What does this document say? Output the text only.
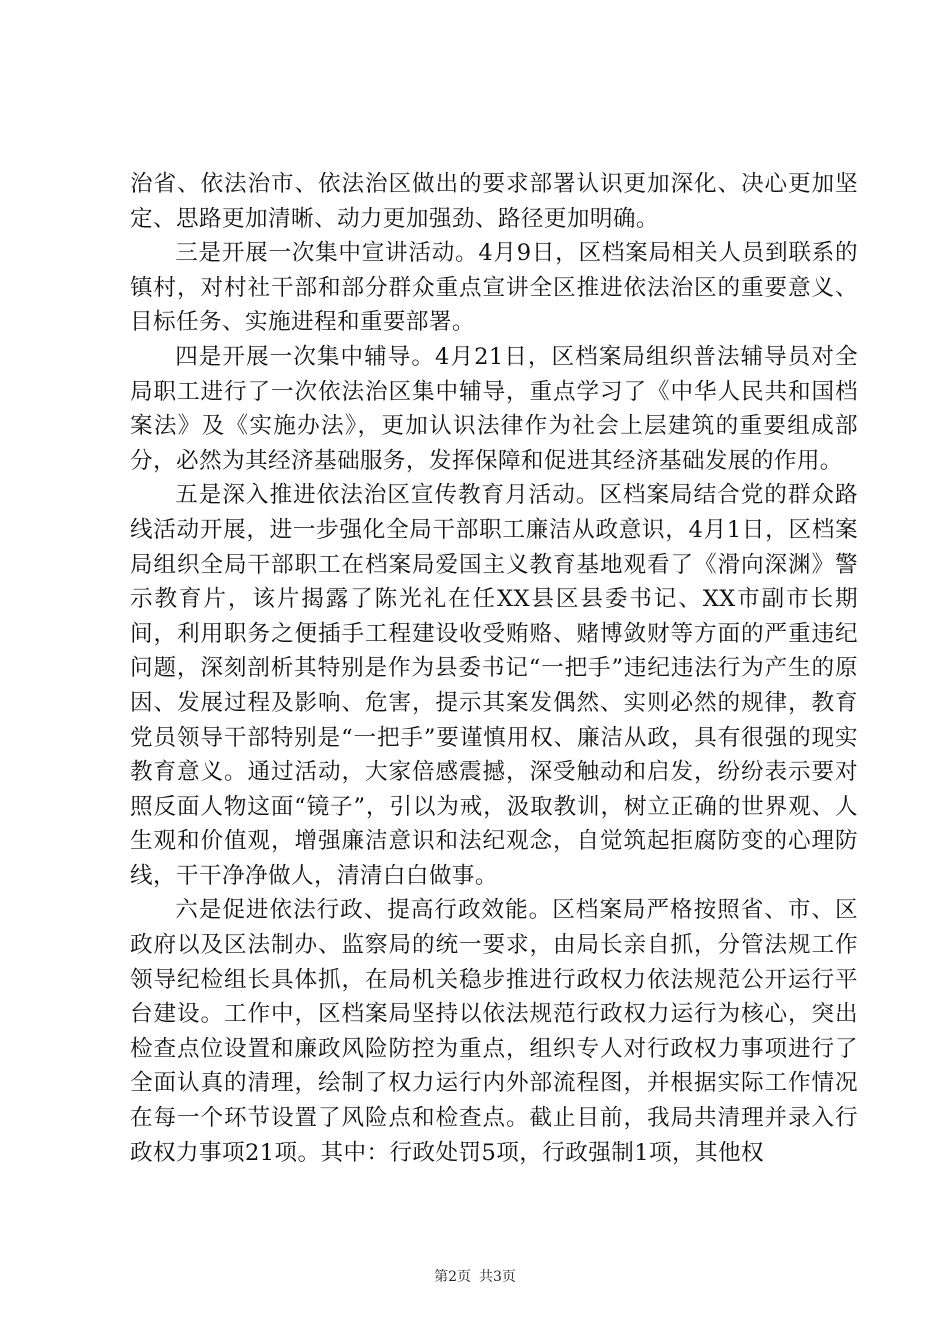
治省、依法治市、依法治区做出的要求部署认识更加深化、决心更加坚定、思路更加清晰、动力更加强劲、路径更加明确。

三是开展一次集中宣讲活动。4月9日，区档案局相关人员到联系的镇村，对村社干部和部分群众重点宣讲全区推进依法治区的重要意义、目标任务、实施进程和重要部署。

四是开展一次集中辅导。4月21日，区档案局组织普法辅导员对全局职工进行了一次依法治区集中辅导，重点学习了《中华人民共和国档案法》及《实施办法》，更加认识法律作为社会上层建筑的重要组成部分，必然为其经济基础服务，发挥保障和促进其经济基础发展的作用。

五是深入推进依法治区宣传教育月活动。区档案局结合党的群众路线活动开展，进一步强化全局干部职工廉洁从政意识，4月1日，区档案局组织全局干部职工在档案局爱国主义教育基地观看了《滑向深渊》警示教育片，该片揭露了陈光礼在任XX县区县委书记、XX市副市长期间，利用职务之便插手工程建设收受贿赂、赌博敛财等方面的严重违纪问题，深刻剖析其特别是作为县委书记“一把手”违纪违法行为产生的原因、发展过程及影响、危害，提示其案发偶然、实则必然的规律，教育党员领导干部特别是“一把手”要谨慎用权、廉洁从政，具有很强的现实教育意义。通过活动，大家倍感震撼，深受触动和启发，纷纷表示要对照反面人物这面“镜子”，引以为戒，汲取教训，树立正确的世界观、人生观和价值观，增强廉洁意识和法纪观念，自觉筑起拒腐防变的心理防线，干干净净做人，清清白白做事。

六是促进依法行政、提高行政效能。区档案局严格按照省、市、区政府以及区法制办、监察局的统一要求，由局长亲自抓，分管法规工作领导纪检组长具体抓，在局机关稳步推进行政权力依法规范公开运行平台建设。工作中，区档案局坚持以依法规范行政权力运行为核心，突出检查点位设置和廉政风险防控为重点，组织专人对行政权力事项进行了全面认真的清理，绘制了权力运行内外部流程图，并根据实际工作情况在每一个环节设置了风险点和检查点。截止目前，我局共清理并录入行政权力事项21项。其中：行政处罚5项，行政强制1项，其他权

第2页 共3页
